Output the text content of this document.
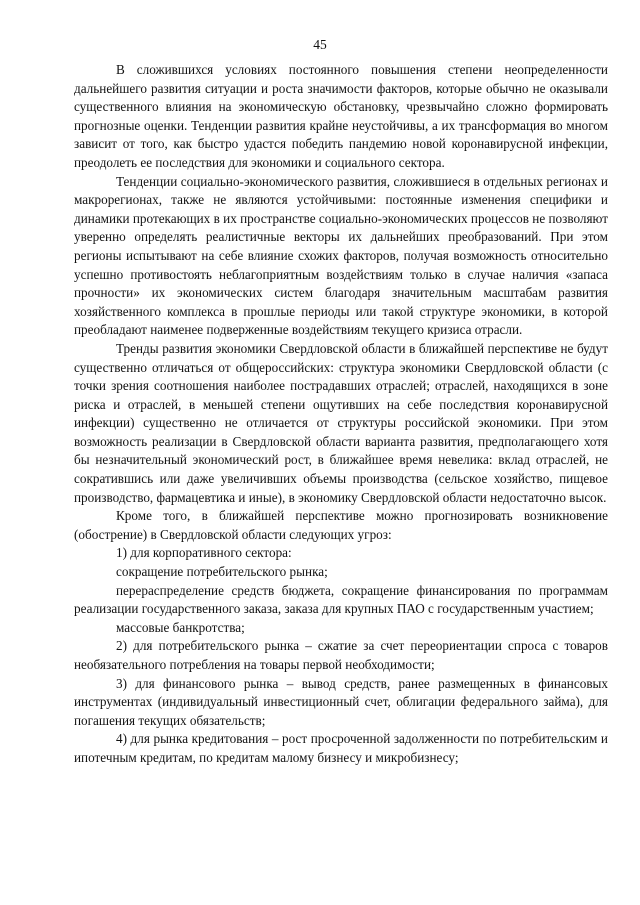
45

В сложившихся условиях постоянного повышения степени неопределенности дальнейшего развития ситуации и роста значимости факторов, которые обычно не оказывали существенного влияния на экономическую обстановку, чрезвычайно сложно формировать прогнозные оценки. Тенденции развития крайне неустойчивы, а их трансформация во многом зависит от того, как быстро удастся победить пандемию новой коронавирусной инфекции, преодолеть ее последствия для экономики и социального сектора.

Тенденции социально-экономического развития, сложившиеся в отдельных регионах и макрорегионах, также не являются устойчивыми: постоянные изменения специфики и динамики протекающих в их пространстве социально-экономических процессов не позволяют уверенно определять реалистичные векторы их дальнейших преобразований. При этом регионы испытывают на себе влияние схожих факторов, получая возможность относительно успешно противостоять неблагоприятным воздействиям только в случае наличия «запаса прочности» их экономических систем благодаря значительным масштабам развития хозяйственного комплекса в прошлые периоды или такой структуре экономики, в которой преобладают наименее подверженные воздействиям текущего кризиса отрасли.

Тренды развития экономики Свердловской области в ближайшей перспективе не будут существенно отличаться от общероссийских: структура экономики Свердловской области (с точки зрения соотношения наиболее пострадавших отраслей; отраслей, находящихся в зоне риска и отраслей, в меньшей степени ощутивших на себе последствия коронавирусной инфекции) существенно не отличается от структуры российской экономики. При этом возможность реализации в Свердловской области варианта развития, предполагающего хотя бы незначительный экономический рост, в ближайшее время невелика: вклад отраслей, не сократившись или даже увеличивших объемы производства (сельское хозяйство, пищевое производство, фармацевтика и иные), в экономику Свердловской области недостаточно высок.

Кроме того, в ближайшей перспективе можно прогнозировать возникновение (обострение) в Свердловской области следующих угроз:

1) для корпоративного сектора:

сокращение потребительского рынка;

перераспределение средств бюджета, сокращение финансирования по программам реализации государственного заказа, заказа для крупных ПАО с государственным участием;

массовые банкротства;

2) для потребительского рынка – сжатие за счет переориентации спроса с товаров необязательного потребления на товары первой необходимости;

3) для финансового рынка – вывод средств, ранее размещенных в финансовых инструментах (индивидуальный инвестиционный счет, облигации федерального займа), для погашения текущих обязательств;

4) для рынка кредитования – рост просроченной задолженности по потребительским и ипотечным кредитам, по кредитам малому бизнесу и микробизнесу;
